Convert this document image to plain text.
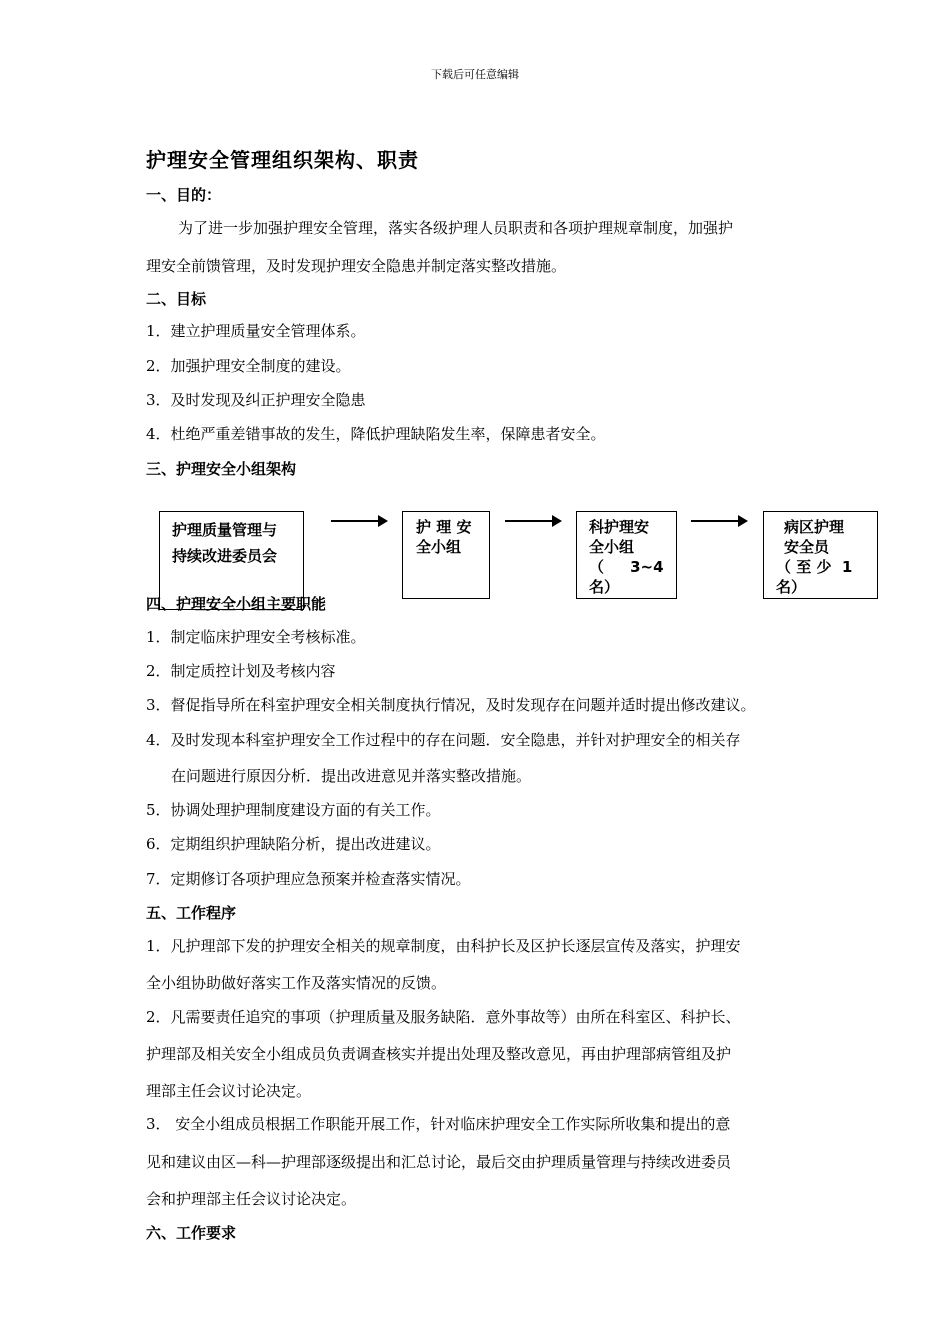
下载后可任意编辑
护理安全管理组织架构、职责
一、目的：
为了进一步加强护理安全管理，落实各级护理人员职责和各项护理规章制度，加强护
理安全前馈管理，及时发现护理安全隐患并制定落实整改措施。
二、目标
1．建立护理质量安全管理体系。
2．加强护理安全制度的建设。
3．及时发现及纠正护理安全隐患
4．杜绝严重差错事故的发生，降低护理缺陷发生率，保障患者安全。
三、护理安全小组架构
护理质量管理与
持续改进委员会
护 理 安
全小组
科护理安
全小组
（     3~4
名）
病区护理
安全员
（ 至 少  1
名）
四、护理安全小组主要职能
1．制定临床护理安全考核标准。
2．制定质控计划及考核内容
3．督促指导所在科室护理安全相关制度执行情况，及时发现存在问题并适时提出修改建议。
4．及时发现本科室护理安全工作过程中的存在问题．安全隐患，并针对护理安全的相关存
在问题进行原因分析．提出改进意见并落实整改措施。
5．协调处理护理制度建设方面的有关工作。
6．定期组织护理缺陷分析，提出改进建议。
7．定期修订各项护理应急预案并检查落实情况。
五、工作程序
1．凡护理部下发的护理安全相关的规章制度，由科护长及区护长逐层宣传及落实，护理安
全小组协助做好落实工作及落实情况的反馈。
2．凡需要责任追究的事项（护理质量及服务缺陷．意外事故等）由所在科室区、科护长、
护理部及相关安全小组成员负责调查核实并提出处理及整改意见，再由护理部病管组及护
理部主任会议讨论决定。
3． 安全小组成员根据工作职能开展工作，针对临床护理安全工作实际所收集和提出的意
见和建议由区—科—护理部逐级提出和汇总讨论，最后交由护理质量管理与持续改进委员
会和护理部主任会议讨论决定。
六、工作要求
